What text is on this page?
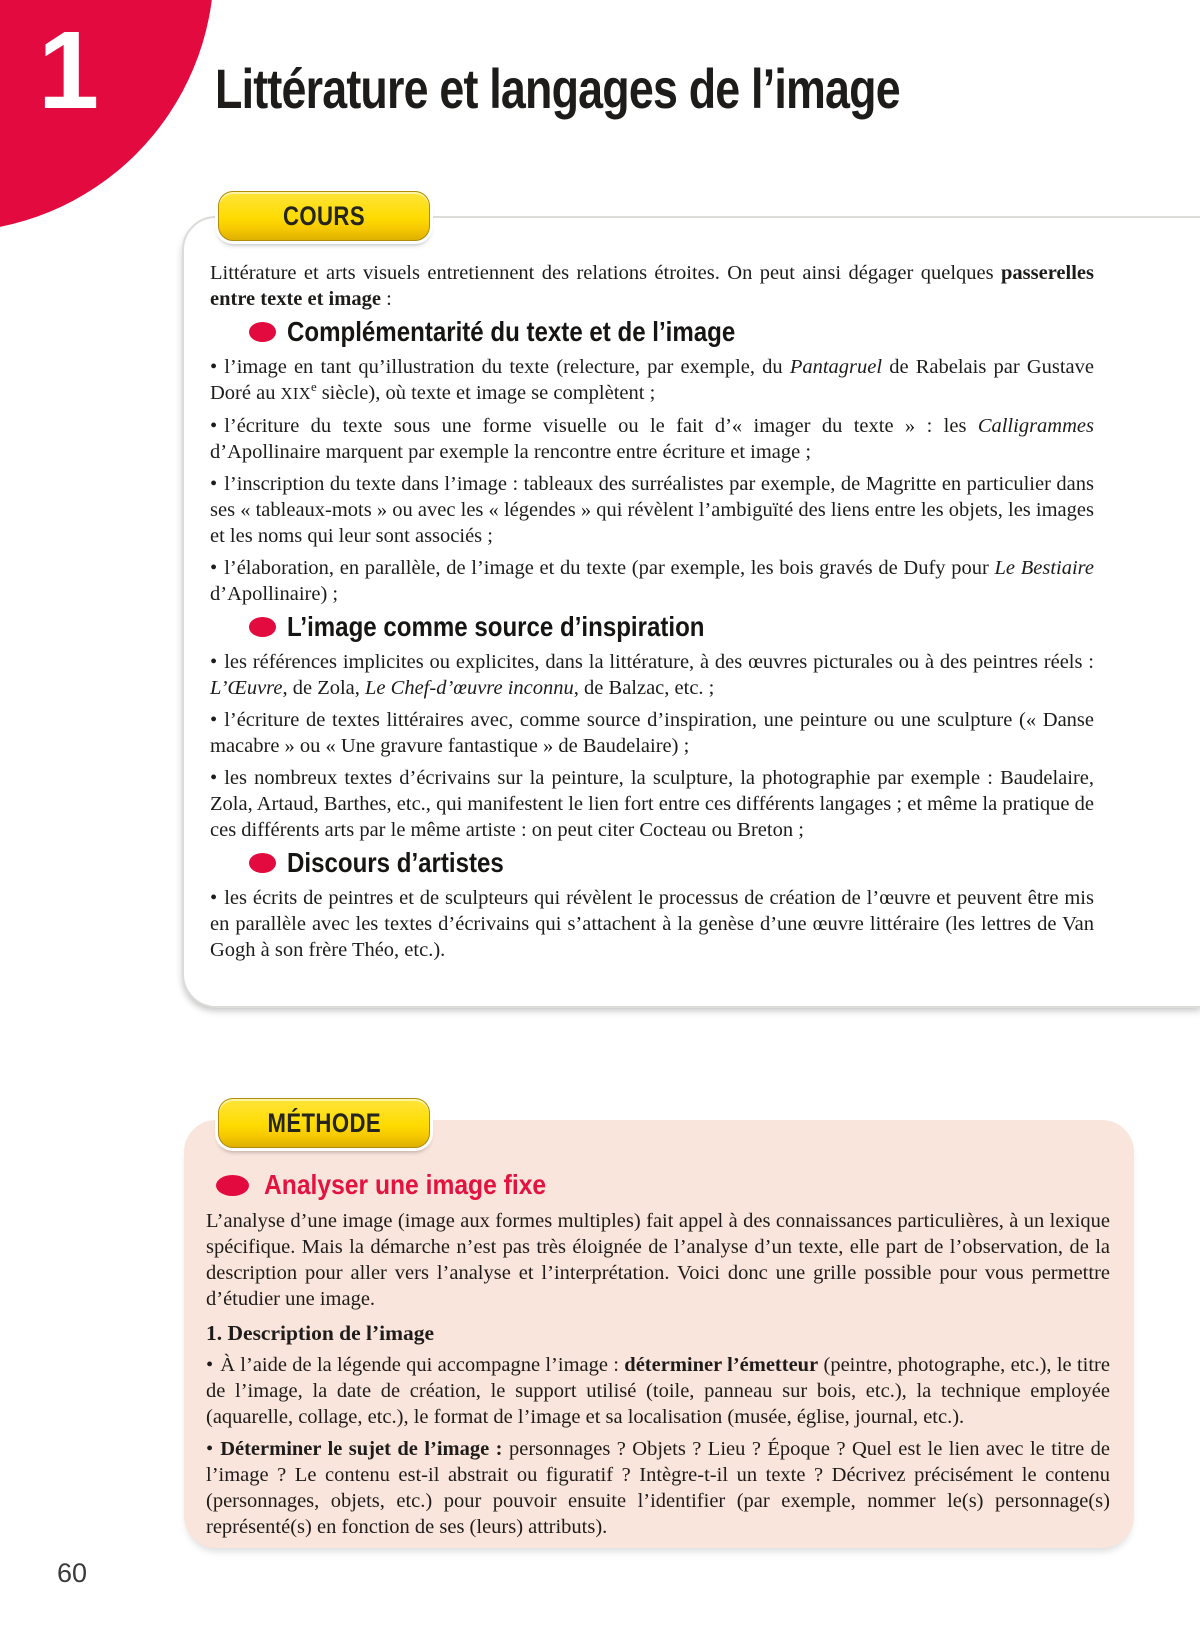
1 Littérature et langages de l’image
COURS

Littérature et arts visuels entretiennent des relations étroites. On peut ainsi dégager quelques passerelles entre texte et image :

Complémentarité du texte et de l’image

• l’image en tant qu’illustration du texte (relecture, par exemple, du Pantagruel de Rabelais par Gustave Doré au XIXe siècle), où texte et image se complètent ;

• l’écriture du texte sous une forme visuelle ou le fait d’« imager du texte » : les Calligrammes d’Apollinaire marquent par exemple la rencontre entre écriture et image ;

• l’inscription du texte dans l’image : tableaux des surréalistes par exemple, de Magritte en particulier dans ses « tableaux-mots » ou avec les « légendes » qui révèlent l’ambiguïté des liens entre les objets, les images et les noms qui leur sont associés ;

• l’élaboration, en parallèle, de l’image et du texte (par exemple, les bois gravés de Dufy pour Le Bestiaire d’Apollinaire) ;

L’image comme source d’inspiration

• les références implicites ou explicites, dans la littérature, à des œuvres picturales ou à des peintres réels : L’Œuvre, de Zola, Le Chef-d’œuvre inconnu, de Balzac, etc. ;

• l’écriture de textes littéraires avec, comme source d’inspiration, une peinture ou une sculpture (« Danse macabre » ou « Une gravure fantastique » de Baudelaire) ;

• les nombreux textes d’écrivains sur la peinture, la sculpture, la photographie par exemple : Baudelaire, Zola, Artaud, Barthes, etc., qui manifestent le lien fort entre ces différents langages ; et même la pratique de ces différents arts par le même artiste : on peut citer Cocteau ou Breton ;

Discours d’artistes

• les écrits de peintres et de sculpteurs qui révèlent le processus de création de l’œuvre et peuvent être mis en parallèle avec les textes d’écrivains qui s’attachent à la genèse d’une œuvre littéraire (les lettres de Van Gogh à son frère Théo, etc.).

MÉTHODE
Analyser une image fixe

L’analyse d’une image (image aux formes multiples) fait appel à des connaissances particulières, à un lexique spécifique. Mais la démarche n’est pas très éloignée de l’analyse d’un texte, elle part de l’observation, de la description pour aller vers l’analyse et l’interprétation. Voici donc une grille possible pour vous permettre d’étudier une image.

1. Description de l’image

• À l’aide de la légende qui accompagne l’image : déterminer l’émetteur (peintre, photographe, etc.), le titre de l’image, la date de création, le support utilisé (toile, panneau sur bois, etc.), la technique employée (aquarelle, collage, etc.), le format de l’image et sa localisation (musée, église, journal, etc.).

• Déterminer le sujet de l’image : personnages ? Objets ? Lieu ? Époque ? Quel est le lien avec le titre de l’image ? Le contenu est-il abstrait ou figuratif ? Intègre-t-il un texte ? Décrivez précisément le contenu (personnages, objets, etc.) pour pouvoir ensuite l’identifier (par exemple, nommer le(s) personnage(s) représenté(s) en fonction de ses (leurs) attributs).

60
